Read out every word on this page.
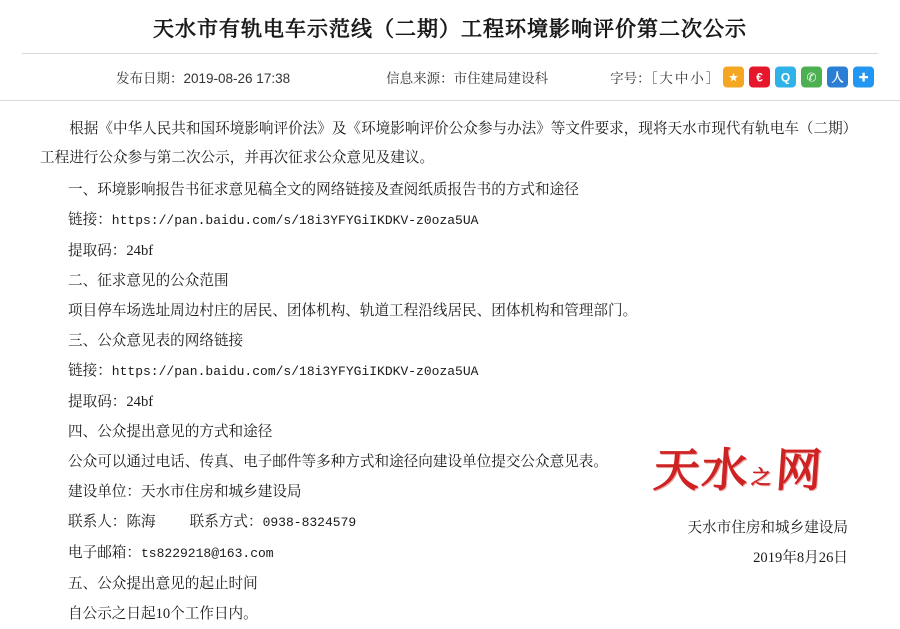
天水市有轨电车示范线（二期）工程环境影响评价第二次公示
发布日期：2019-08-26 17:38	信息来源：市住建局建设科	字号：［大中小］ ★	€	Q	✆	人	✚

根据《中华人民共和国环境影响评价法》及《环境影响评价公众参与办法》等文件要求，现将天水市现代有轨电车（二期）工程进行公众参与第二次公示，并再次征求公众意见及建议。

一、环境影响报告书征求意见稿全文的网络链接及查阅纸质报告书的方式和途径

链接：https://pan.baidu.com/s/18i3YFYGiIKDKV-z0oza5UA

提取码：24bf

二、征求意见的公众范围

项目停车场选址周边村庄的居民、团体机构、轨道工程沿线居民、团体机构和管理部门。

三、公众意见表的网络链接

链接：https://pan.baidu.com/s/18i3YFYGiIKDKV-z0oza5UA

提取码：24bf

四、公众提出意见的方式和途径

公众可以通过电话、传真、电子邮件等多种方式和途径向建设单位提交公众意见表。

建设单位：天水市住房和城乡建设局

联系人：陈海 联系方式：0938-8324579

电子邮箱：ts8229218@163.com

五、公众提出意见的起止时间

自公示之日起10个工作日内。

天水之网
天水市住房和城乡建设局
2019年8月26日
